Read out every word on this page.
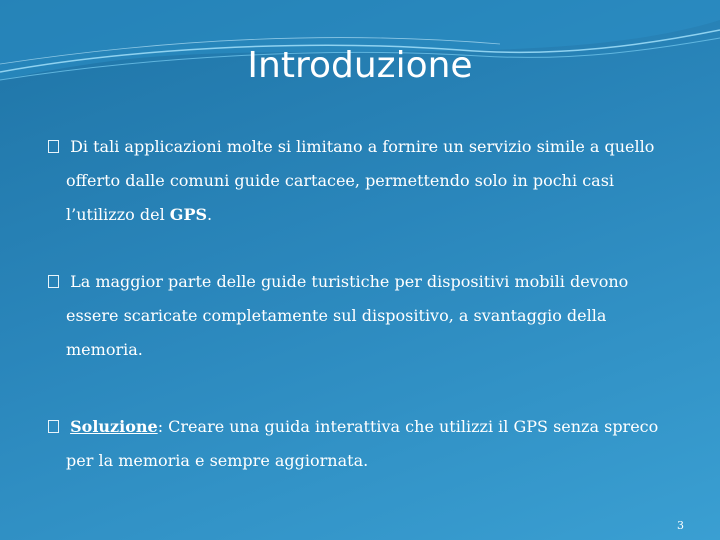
Introduzione
Di tali applicazioni molte si limitano a fornire un servizio simile a quello
offerto dalle comuni guide cartacee, permettendo solo in pochi casi
l’utilizzo del GPS.
La maggior parte delle guide turistiche per dispositivi mobili devono
essere scaricate completamente sul dispositivo, a svantaggio della
memoria.
Soluzione: Creare una guida interattiva che utilizzi il GPS senza spreco
per la memoria e sempre aggiornata.
3
